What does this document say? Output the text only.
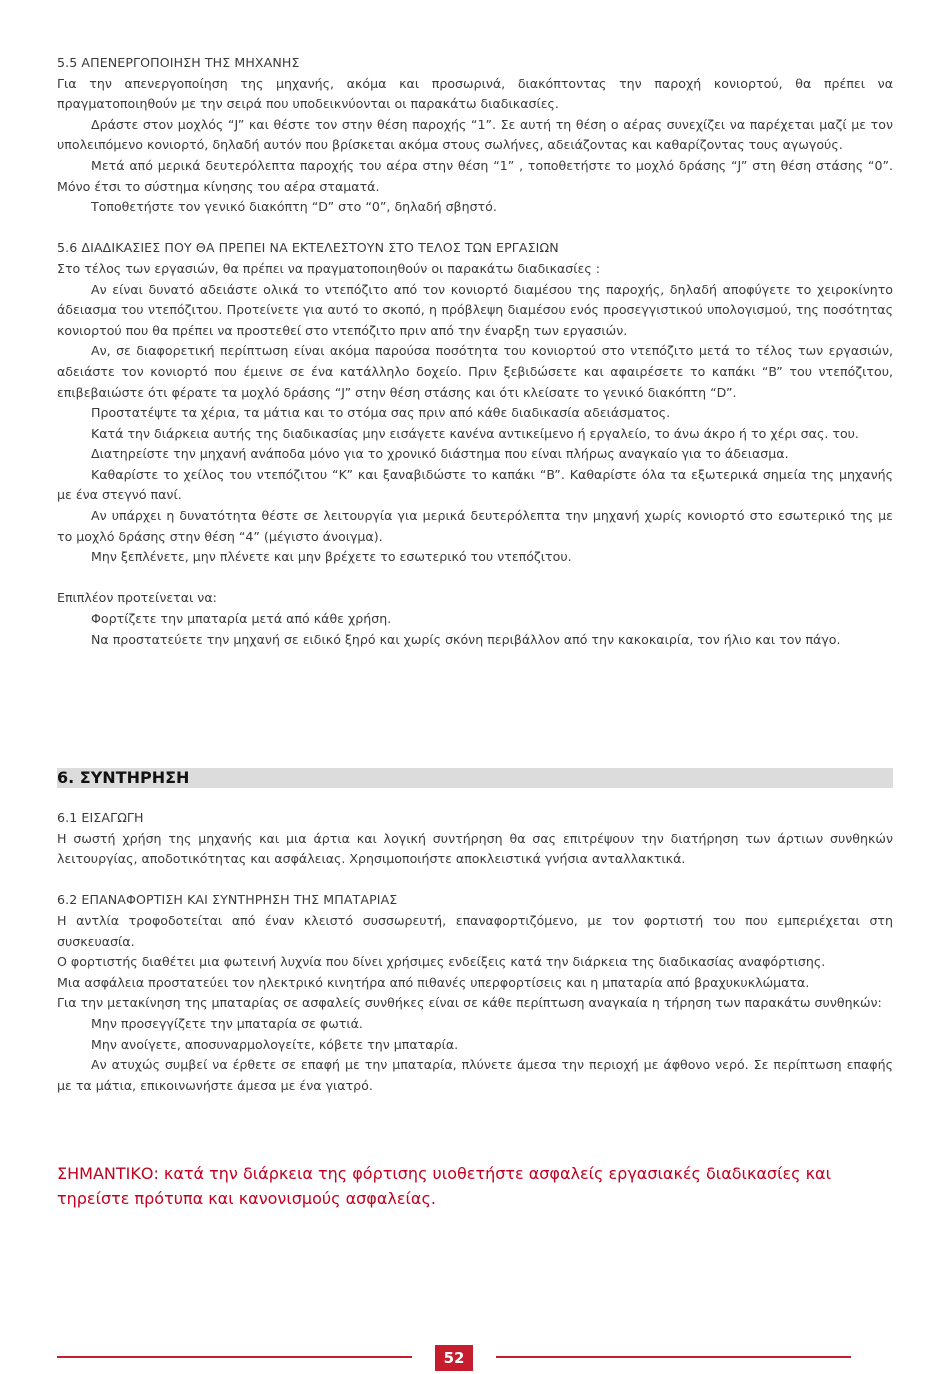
5.5 ΑΠΕΝΕΡΓΟΠΟΙΗΣΗ ΤΗΣ ΜΗΧΑΝΗΣ

Για την απενεργοποίηση της μηχανής, ακόμα και προσωρινά, διακόπτοντας την παροχή κονιορτού, θα πρέπει να πραγματοποιηθούν με την σειρά που υποδεικνύονται οι παρακάτω διαδικασίες.

Δράστε στον μοχλός “J” και θέστε τον στην θέση παροχής “1”. Σε αυτή τη θέση ο αέρας συνεχίζει να παρέχεται μαζί με τον υπολειπόμενο κονιορτό, δηλαδή αυτόν που βρίσκεται ακόμα στους σωλήνες, αδειάζοντας και καθαρίζοντας τους αγωγούς.

Μετά από μερικά δευτερόλεπτα παροχής του αέρα στην θέση “1” , τοποθετήστε το μοχλό δράσης “J” στη θέση στάσης “0”. Μόνο έτσι το σύστημα κίνησης του αέρα σταματά.

Τοποθετήστε τον γενικό διακόπτη “D” στο “0”, δηλαδή σβηστό.

5.6 ΔΙΑΔΙΚΑΣΙΕΣ ΠΟΥ ΘΑ ΠΡΕΠΕΙ ΝΑ ΕΚΤΕΛΕΣΤΟΥΝ ΣΤΟ ΤΕΛΟΣ ΤΩΝ ΕΡΓΑΣΙΩΝ

Στο τέλος των εργασιών, θα πρέπει να πραγματοποιηθούν οι παρακάτω διαδικασίες :

Αν είναι δυνατό αδειάστε ολικά το ντεπόζιτο από τον κονιορτό διαμέσου της παροχής, δηλαδή αποφύγετε το χειροκίνητο άδειασμα του ντεπόζιτου. Προτείνετε για αυτό το σκοπό, η πρόβλεψη διαμέσου ενός προσεγγιστικού υπολογισμού, της ποσότητας κονιορτού που θα πρέπει να προστεθεί στο ντεπόζιτο πριν από την έναρξη των εργασιών.

Αν, σε διαφορετική περίπτωση είναι ακόμα παρούσα ποσότητα του κονιορτού στο ντεπόζιτο μετά το τέλος των εργασιών, αδειάστε τον κονιορτό που έμεινε σε ένα κατάλληλο δοχείο. Πριν ξεβιδώσετε και αφαιρέσετε το καπάκι “B” του ντεπόζιτου, επιβεβαιώστε ότι φέρατε τα μοχλό δράσης “J” στην θέση στάσης και ότι κλείσατε το γενικό διακόπτη “D”.

Προστατέψτε τα χέρια, τα μάτια και το στόμα σας πριν από κάθε διαδικασία αδειάσματος.

Κατά την διάρκεια αυτής της διαδικασίας μην εισάγετε κανένα αντικείμενο ή εργαλείο, το άνω άκρο ή το χέρι σας. του.

Διατηρείστε την μηχανή ανάποδα μόνο για το χρονικό διάστημα που είναι πλήρως αναγκαίο για το άδειασμα.

Καθαρίστε το χείλος του ντεπόζιτου “K” και ξαναβιδώστε το καπάκι “B”. Καθαρίστε όλα τα εξωτερικά σημεία της μηχανής με ένα στεγνό πανί.

Αν υπάρχει η δυνατότητα θέστε σε λειτουργία για μερικά δευτερόλεπτα την μηχανή χωρίς κονιορτό στο εσωτερικό της με το μοχλό δράσης στην θέση “4” (μέγιστο άνοιγμα).

Μην ξεπλένετε, μην πλένετε και μην βρέχετε το εσωτερικό του ντεπόζιτου.

Επιπλέον προτείνεται να:

Φορτίζετε την μπαταρία μετά από κάθε χρήση.

Να προστατεύετε την μηχανή σε ειδικό ξηρό και χωρίς σκόνη περιβάλλον από την κακοκαιρία, τον ήλιο και τον πάγο.

6. ΣΥΝΤΗΡΗΣΗ

6.1 ΕΙΣΑΓΩΓΗ

Η σωστή χρήση της μηχανής και μια άρτια και λογική συντήρηση θα σας επιτρέψουν την διατήρηση των άρτιων συνθηκών λειτουργίας, αποδοτικότητας και ασφάλειας. Χρησιμοποιήστε αποκλειστικά γνήσια ανταλλακτικά.

6.2 ΕΠΑΝΑΦΟΡΤΙΣΗ ΚΑΙ ΣΥΝΤΗΡΗΣΗ ΤΗΣ ΜΠΑΤΑΡΙΑΣ

Η αντλία τροφοδοτείται από έναν κλειστό συσσωρευτή, επαναφορτιζόμενο, με τον φορτιστή του που εμπεριέχεται στη συσκευασία.

Ο φορτιστής διαθέτει μια φωτεινή λυχνία που δίνει χρήσιμες ενδείξεις κατά την διάρκεια της διαδικασίας αναφόρτισης.

Μια ασφάλεια προστατεύει τον ηλεκτρικό κινητήρα από πιθανές υπερφορτίσεις και η μπαταρία από βραχυκυκλώματα.

Για την μετακίνηση της μπαταρίας σε ασφαλείς συνθήκες είναι σε κάθε περίπτωση αναγκαία η τήρηση των παρακάτω συνθηκών:

Μην προσεγγίζετε την μπαταρία σε φωτιά.

Μην ανοίγετε, αποσυναρμολογείτε, κόβετε την μπαταρία.

Αν ατυχώς συμβεί να έρθετε σε επαφή με την μπαταρία, πλύνετε άμεσα την περιοχή με άφθονο νερό. Σε περίπτωση επαφής με τα μάτια, επικοινωνήστε άμεσα με ένα γιατρό.

ΣΗΜΑΝΤΙΚΟ: κατά την διάρκεια της φόρτισης υιοθετήστε ασφαλείς εργασιακές διαδικασίες και τηρείστε πρότυπα και κανονισμούς ασφαλείας.
52
